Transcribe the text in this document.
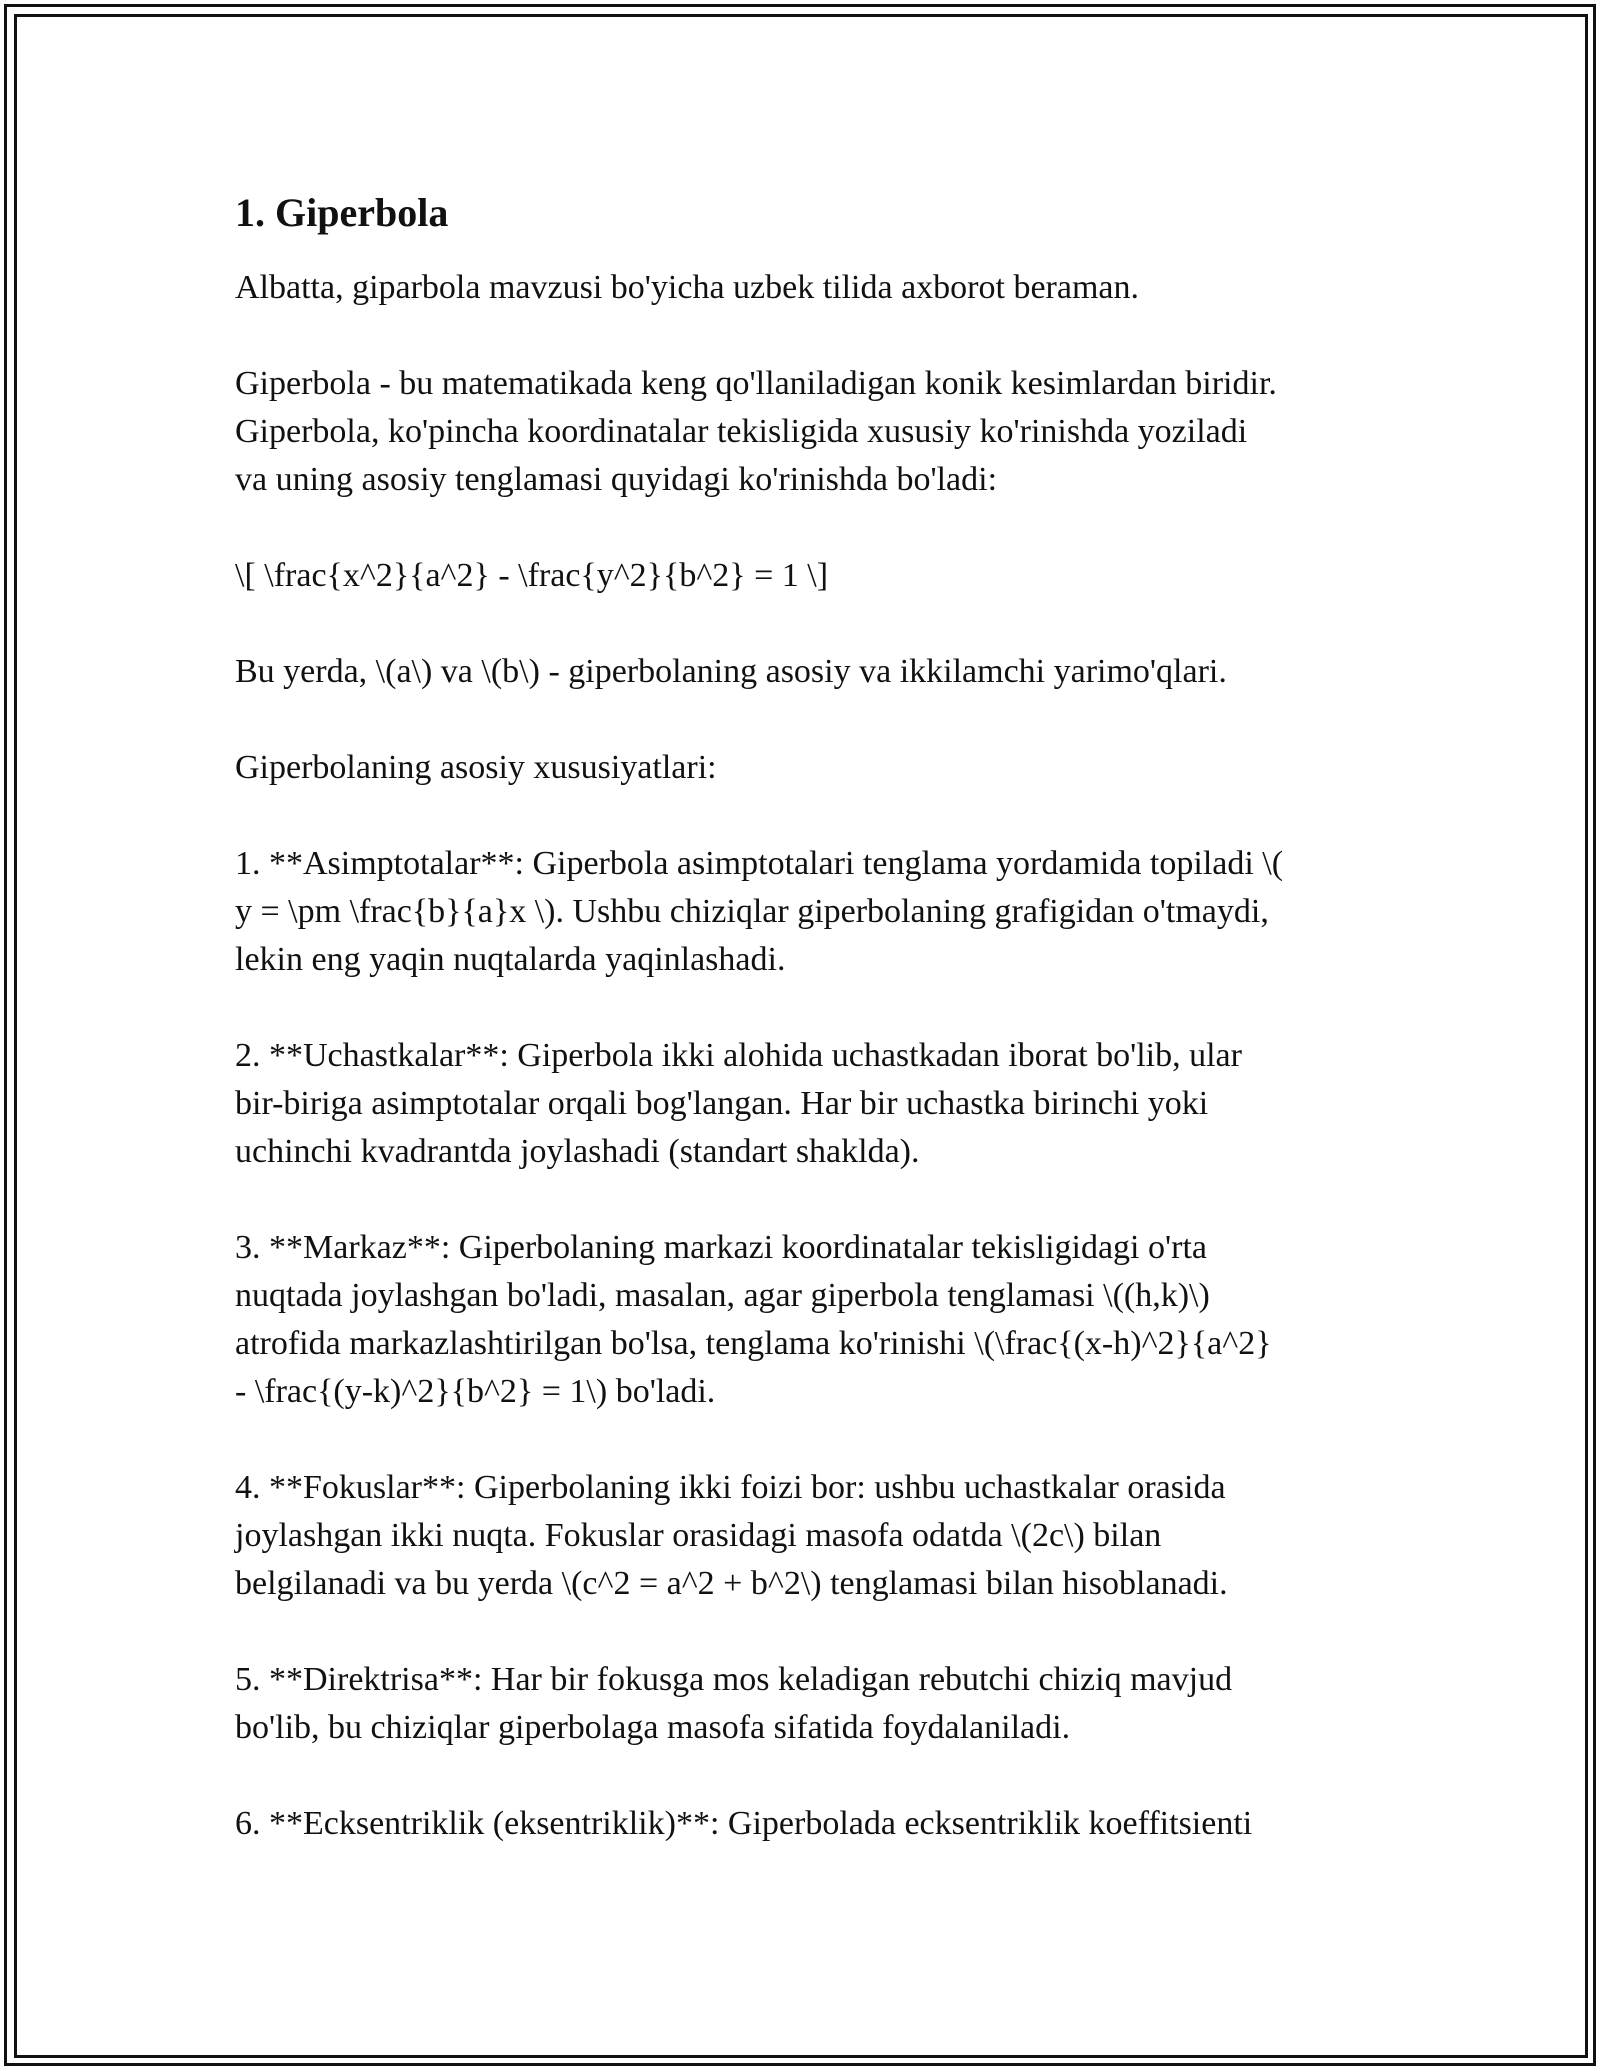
1. Giperbola

Albatta, giparbola mavzusi bo'yicha uzbek tilida axborot beraman.

Giperbola - bu matematikada keng qo'llaniladigan konik kesimlardan biridir.
Giperbola, ko'pincha koordinatalar tekisligida xususiy ko'rinishda yoziladi
va uning asosiy tenglamasi quyidagi ko'rinishda bo'ladi:

\[ \frac{x^2}{a^2} - \frac{y^2}{b^2} = 1 \]

Bu yerda, \(a\) va \(b\) - giperbolaning asosiy va ikkilamchi yarimo'qlari.

Giperbolaning asosiy xususiyatlari:

1. **Asimptotalar**: Giperbola asimptotalari tenglama yordamida topiladi \(
y = \pm \frac{b}{a}x \). Ushbu chiziqlar giperbolaning grafigidan o'tmaydi,
lekin eng yaqin nuqtalarda yaqinlashadi.

2. **Uchastkalar**: Giperbola ikki alohida uchastkadan iborat bo'lib, ular
bir-biriga asimptotalar orqali bog'langan. Har bir uchastka birinchi yoki
uchinchi kvadrantda joylashadi (standart shaklda).

3. **Markaz**: Giperbolaning markazi koordinatalar tekisligidagi o'rta
nuqtada joylashgan bo'ladi, masalan, agar giperbola tenglamasi \((h,k)\)
atrofida markazlashtirilgan bo'lsa, tenglama ko'rinishi \(\frac{(x-h)^2}{a^2}
- \frac{(y-k)^2}{b^2} = 1\) bo'ladi.

4. **Fokuslar**: Giperbolaning ikki foizi bor: ushbu uchastkalar orasida
joylashgan ikki nuqta. Fokuslar orasidagi masofa odatda \(2c\) bilan
belgilanadi va bu yerda \(c^2 = a^2 + b^2\) tenglamasi bilan hisoblanadi.

5. **Direktrisa**: Har bir fokusga mos keladigan rebutchi chiziq mavjud
bo'lib, bu chiziqlar giperbolaga masofa sifatida foydalaniladi.

6. **Ecksentriklik (eksentriklik)**: Giperbolada ecksentriklik koeffitsienti
